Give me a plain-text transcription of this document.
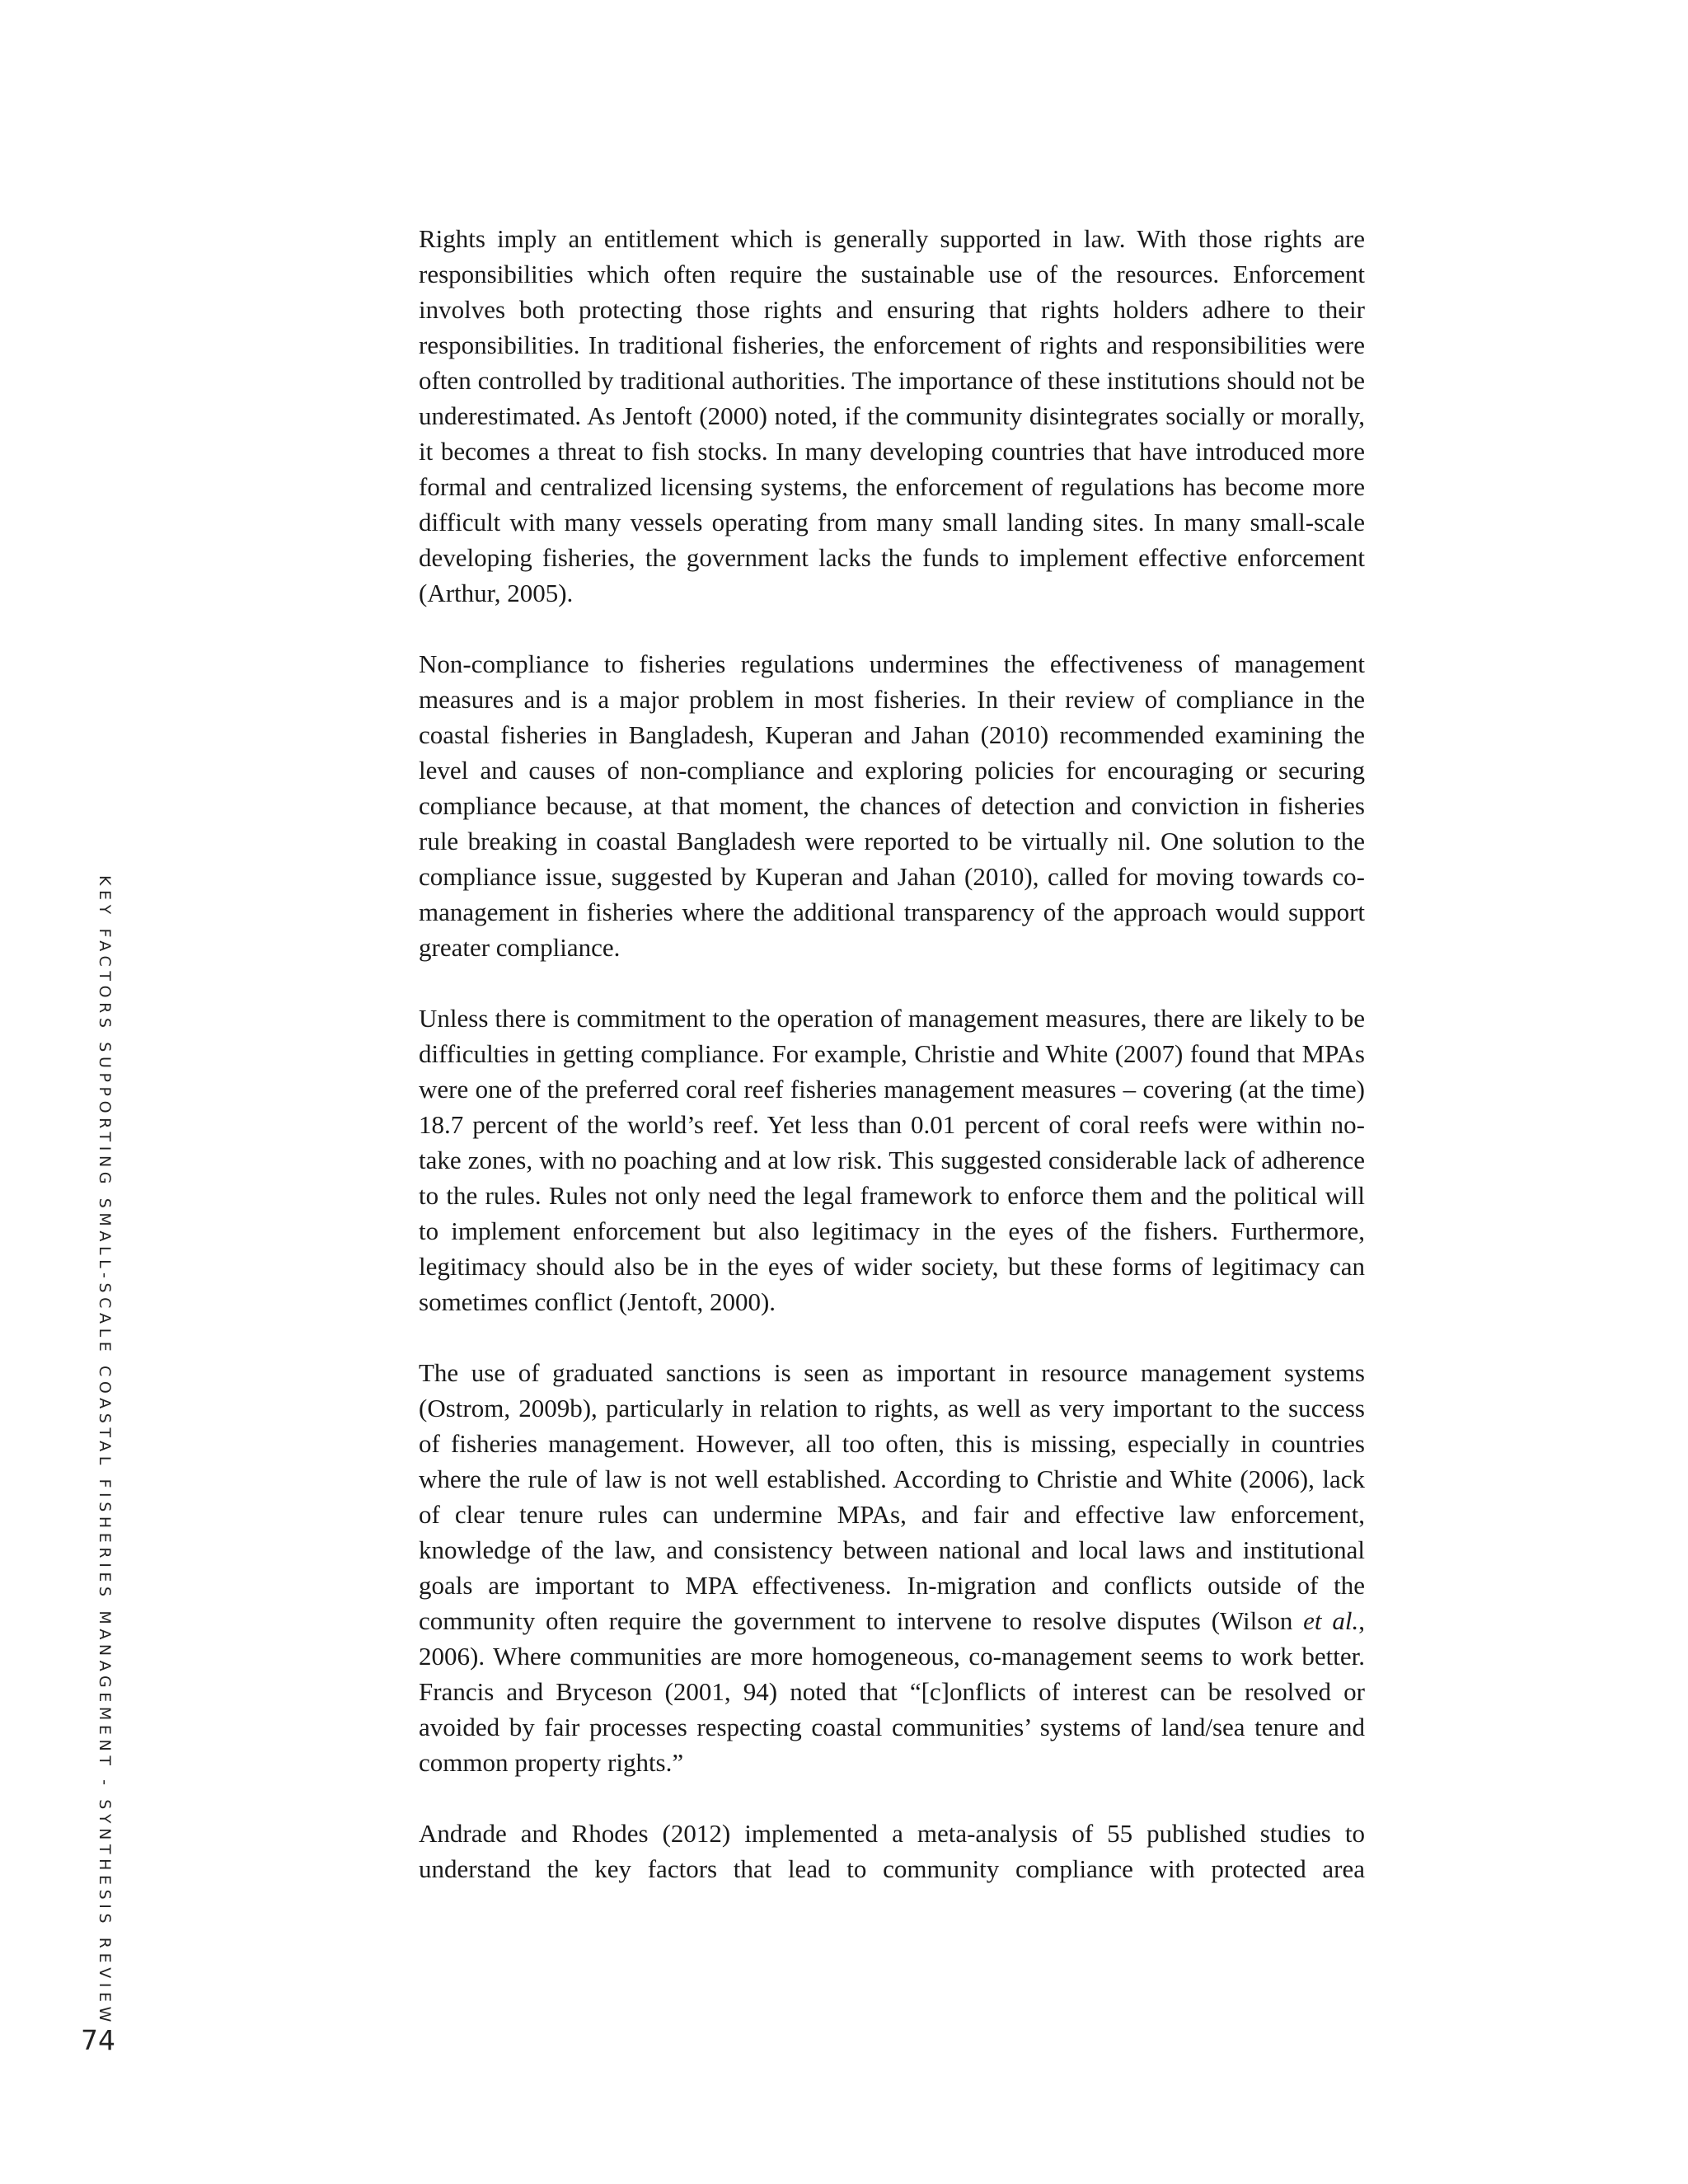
KEY FACTORS SUPPORTING SMALL-SCALE COASTAL FISHERIES MANAGEMENT - SYNTHESIS REVIEW

Rights imply an entitlement which is generally supported in law. With those rights are responsibilities which often require the sustainable use of the resources. Enforcement involves both protecting those rights and ensuring that rights holders adhere to their responsibilities. In traditional fisheries, the enforcement of rights and responsibilities were often controlled by traditional authorities. The importance of these institutions should not be underestimated. As Jentoft (2000) noted, if the community disintegrates socially or morally, it becomes a threat to fish stocks. In many developing countries that have introduced more formal and centralized licensing systems, the enforcement of regulations has become more difficult with many vessels operating from many small landing sites. In many small-scale developing fisheries, the government lacks the funds to implement effective enforcement (Arthur, 2005).

Non-compliance to fisheries regulations undermines the effectiveness of management measures and is a major problem in most fisheries. In their review of compliance in the coastal fisheries in Bangladesh, Kuperan and Jahan (2010) recommended examining the level and causes of non-compliance and exploring policies for encouraging or securing compliance because, at that moment, the chances of detection and conviction in fisheries rule breaking in coastal Bangladesh were reported to be virtually nil. One solution to the compliance issue, suggested by Kuperan and Jahan (2010), called for moving towards co-management in fisheries where the additional transparency of the approach would support greater compliance.

Unless there is commitment to the operation of management measures, there are likely to be difficulties in getting compliance. For example, Christie and White (2007) found that MPAs were one of the preferred coral reef fisheries management measures – covering (at the time) 18.7 percent of the world’s reef. Yet less than 0.01 percent of coral reefs were within no-take zones, with no poaching and at low risk. This suggested considerable lack of adherence to the rules. Rules not only need the legal framework to enforce them and the political will to implement enforcement but also legitimacy in the eyes of the fishers. Furthermore, legitimacy should also be in the eyes of wider society, but these forms of legitimacy can sometimes conflict (Jentoft, 2000).

The use of graduated sanctions is seen as important in resource management systems (Ostrom, 2009b), particularly in relation to rights, as well as very important to the success of fisheries management. However, all too often, this is missing, especially in countries where the rule of law is not well established. According to Christie and White (2006), lack of clear tenure rules can undermine MPAs, and fair and effective law enforcement, knowledge of the law, and consistency between national and local laws and institutional goals are important to MPA effectiveness. In-migration and conflicts outside of the community often require the government to intervene to resolve disputes (Wilson et al., 2006). Where communities are more homogeneous, co-management seems to work better. Francis and Bryceson (2001, 94) noted that “[c]onflicts of interest can be resolved or avoided by fair processes respecting coastal communities’ systems of land/sea tenure and common property rights.”

Andrade and Rhodes (2012) implemented a meta-analysis of 55 published studies to understand the key factors that lead to community compliance with protected area

74
